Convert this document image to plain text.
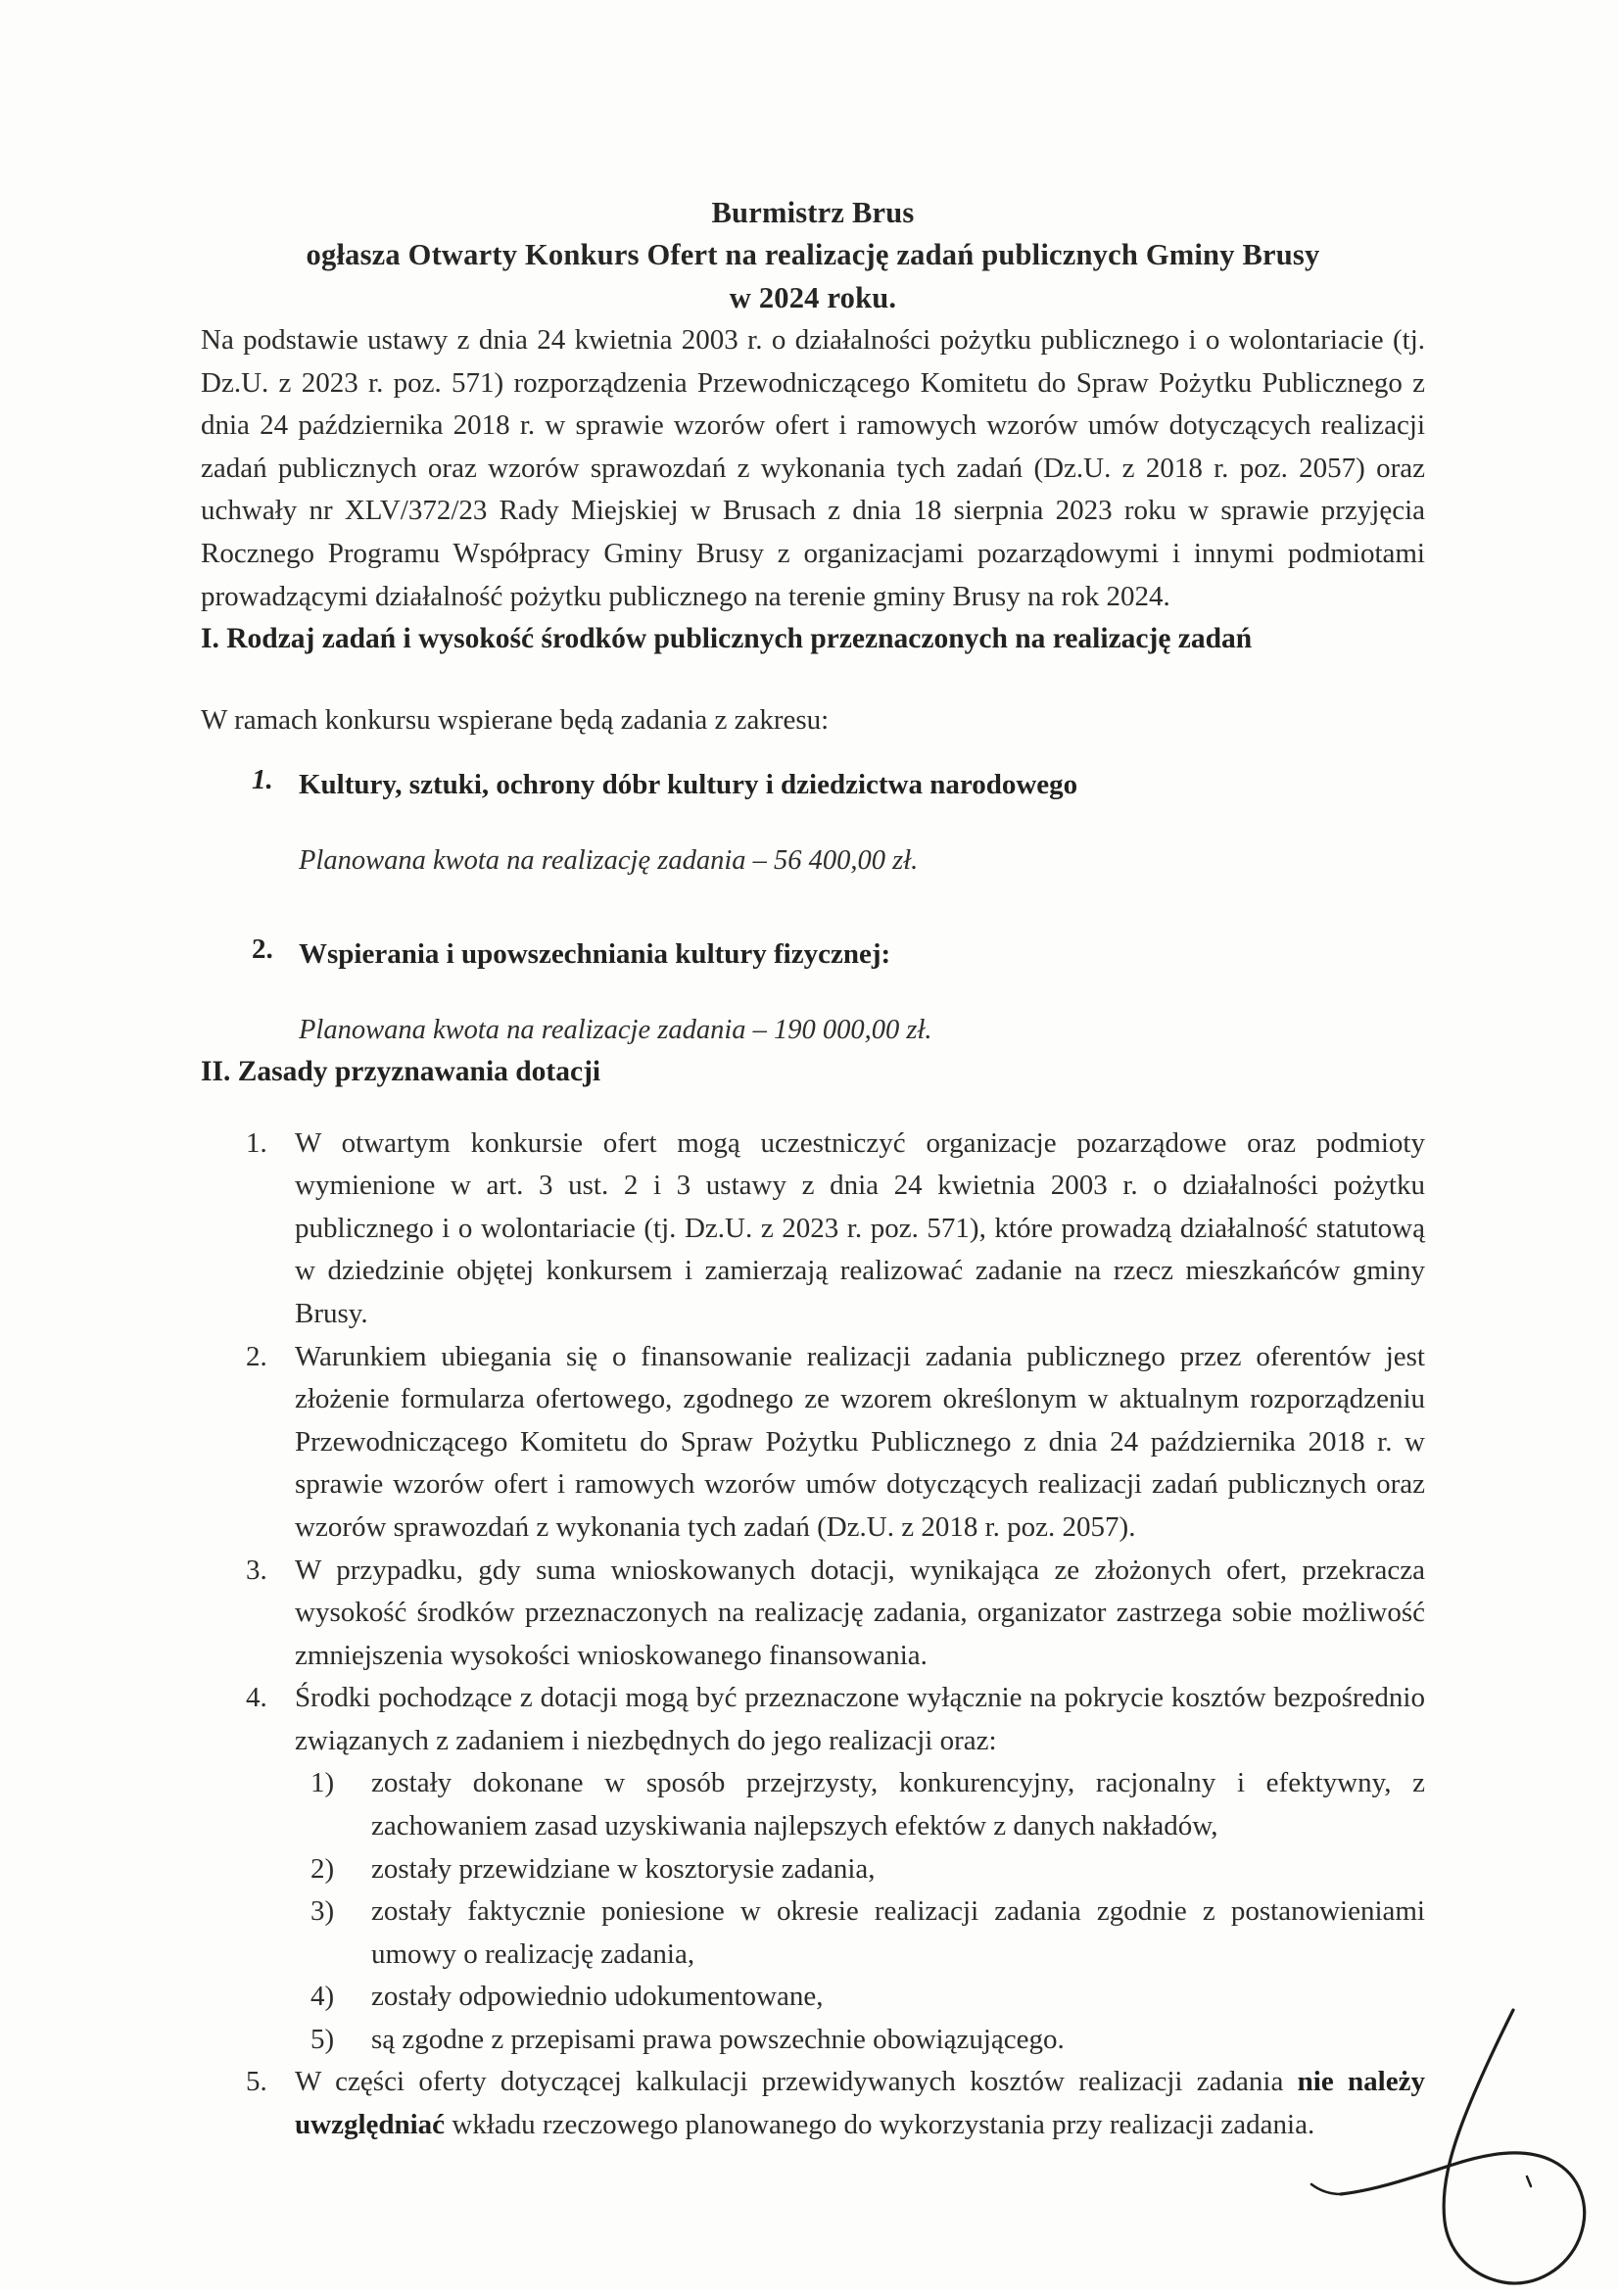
Burmistrz Brus
ogłasza Otwarty Konkurs Ofert na realizację zadań publicznych Gminy Brusy
w 2024 roku.

Na podstawie ustawy z dnia 24 kwietnia 2003 r. o działalności pożytku publicznego i o wolontariacie (tj. Dz.U. z 2023 r. poz. 571) rozporządzenia Przewodniczącego Komitetu do Spraw Pożytku Publicznego z dnia 24 października 2018 r. w sprawie wzorów ofert i ramowych wzorów umów dotyczących realizacji zadań publicznych oraz wzorów sprawozdań z wykonania tych zadań (Dz.U. z 2018 r. poz. 2057) oraz uchwały nr XLV/372/23 Rady Miejskiej w Brusach z dnia 18 sierpnia 2023 roku w sprawie przyjęcia Rocznego Programu Współpracy Gminy Brusy z organizacjami pozarządowymi i innymi podmiotami prowadzącymi działalność pożytku publicznego na terenie gminy Brusy na rok 2024.

I. Rodzaj zadań i wysokość środków publicznych przeznaczonych na realizację zadań
W ramach konkursu wspierane będą zadania z zakresu:
1. Kultury, sztuki, ochrony dóbr kultury i dziedzictwa narodowego
Planowana kwota na realizację zadania – 56 400,00 zł.
2. Wspierania i upowszechniania kultury fizycznej:
Planowana kwota na realizacje zadania – 190 000,00 zł.
II. Zasady przyznawania dotacji
1. W otwartym konkursie ofert mogą uczestniczyć organizacje pozarządowe oraz podmioty wymienione w art. 3 ust. 2 i 3 ustawy z dnia 24 kwietnia 2003 r. o działalności pożytku publicznego i o wolontariacie (tj. Dz.U. z 2023 r. poz. 571), które prowadzą działalność statutową w dziedzinie objętej konkursem i zamierzają realizować zadanie na rzecz mieszkańców gminy Brusy.
2. Warunkiem ubiegania się o finansowanie realizacji zadania publicznego przez oferentów jest złożenie formularza ofertowego, zgodnego ze wzorem określonym w aktualnym rozporządzeniu Przewodniczącego Komitetu do Spraw Pożytku Publicznego z dnia 24 października 2018 r. w sprawie wzorów ofert i ramowych wzorów umów dotyczących realizacji zadań publicznych oraz wzorów sprawozdań z wykonania tych zadań (Dz.U. z 2018 r. poz. 2057).
3. W przypadku, gdy suma wnioskowanych dotacji, wynikająca ze złożonych ofert, przekracza wysokość środków przeznaczonych na realizację zadania, organizator zastrzega sobie możliwość zmniejszenia wysokości wnioskowanego finansowania.
4. Środki pochodzące z dotacji mogą być przeznaczone wyłącznie na pokrycie kosztów bezpośrednio związanych z zadaniem i niezbędnych do jego realizacji oraz:
1) zostały dokonane w sposób przejrzysty, konkurencyjny, racjonalny i efektywny, z zachowaniem zasad uzyskiwania najlepszych efektów z danych nakładów,
2) zostały przewidziane w kosztorysie zadania,
3) zostały faktycznie poniesione w okresie realizacji zadania zgodnie z postanowieniami umowy o realizację zadania,
4) zostały odpowiednio udokumentowane,
5) są zgodne z przepisami prawa powszechnie obowiązującego.
5. W części oferty dotyczącej kalkulacji przewidywanych kosztów realizacji zadania nie należy uwzględniać wkładu rzeczowego planowanego do wykorzystania przy realizacji zadania.
